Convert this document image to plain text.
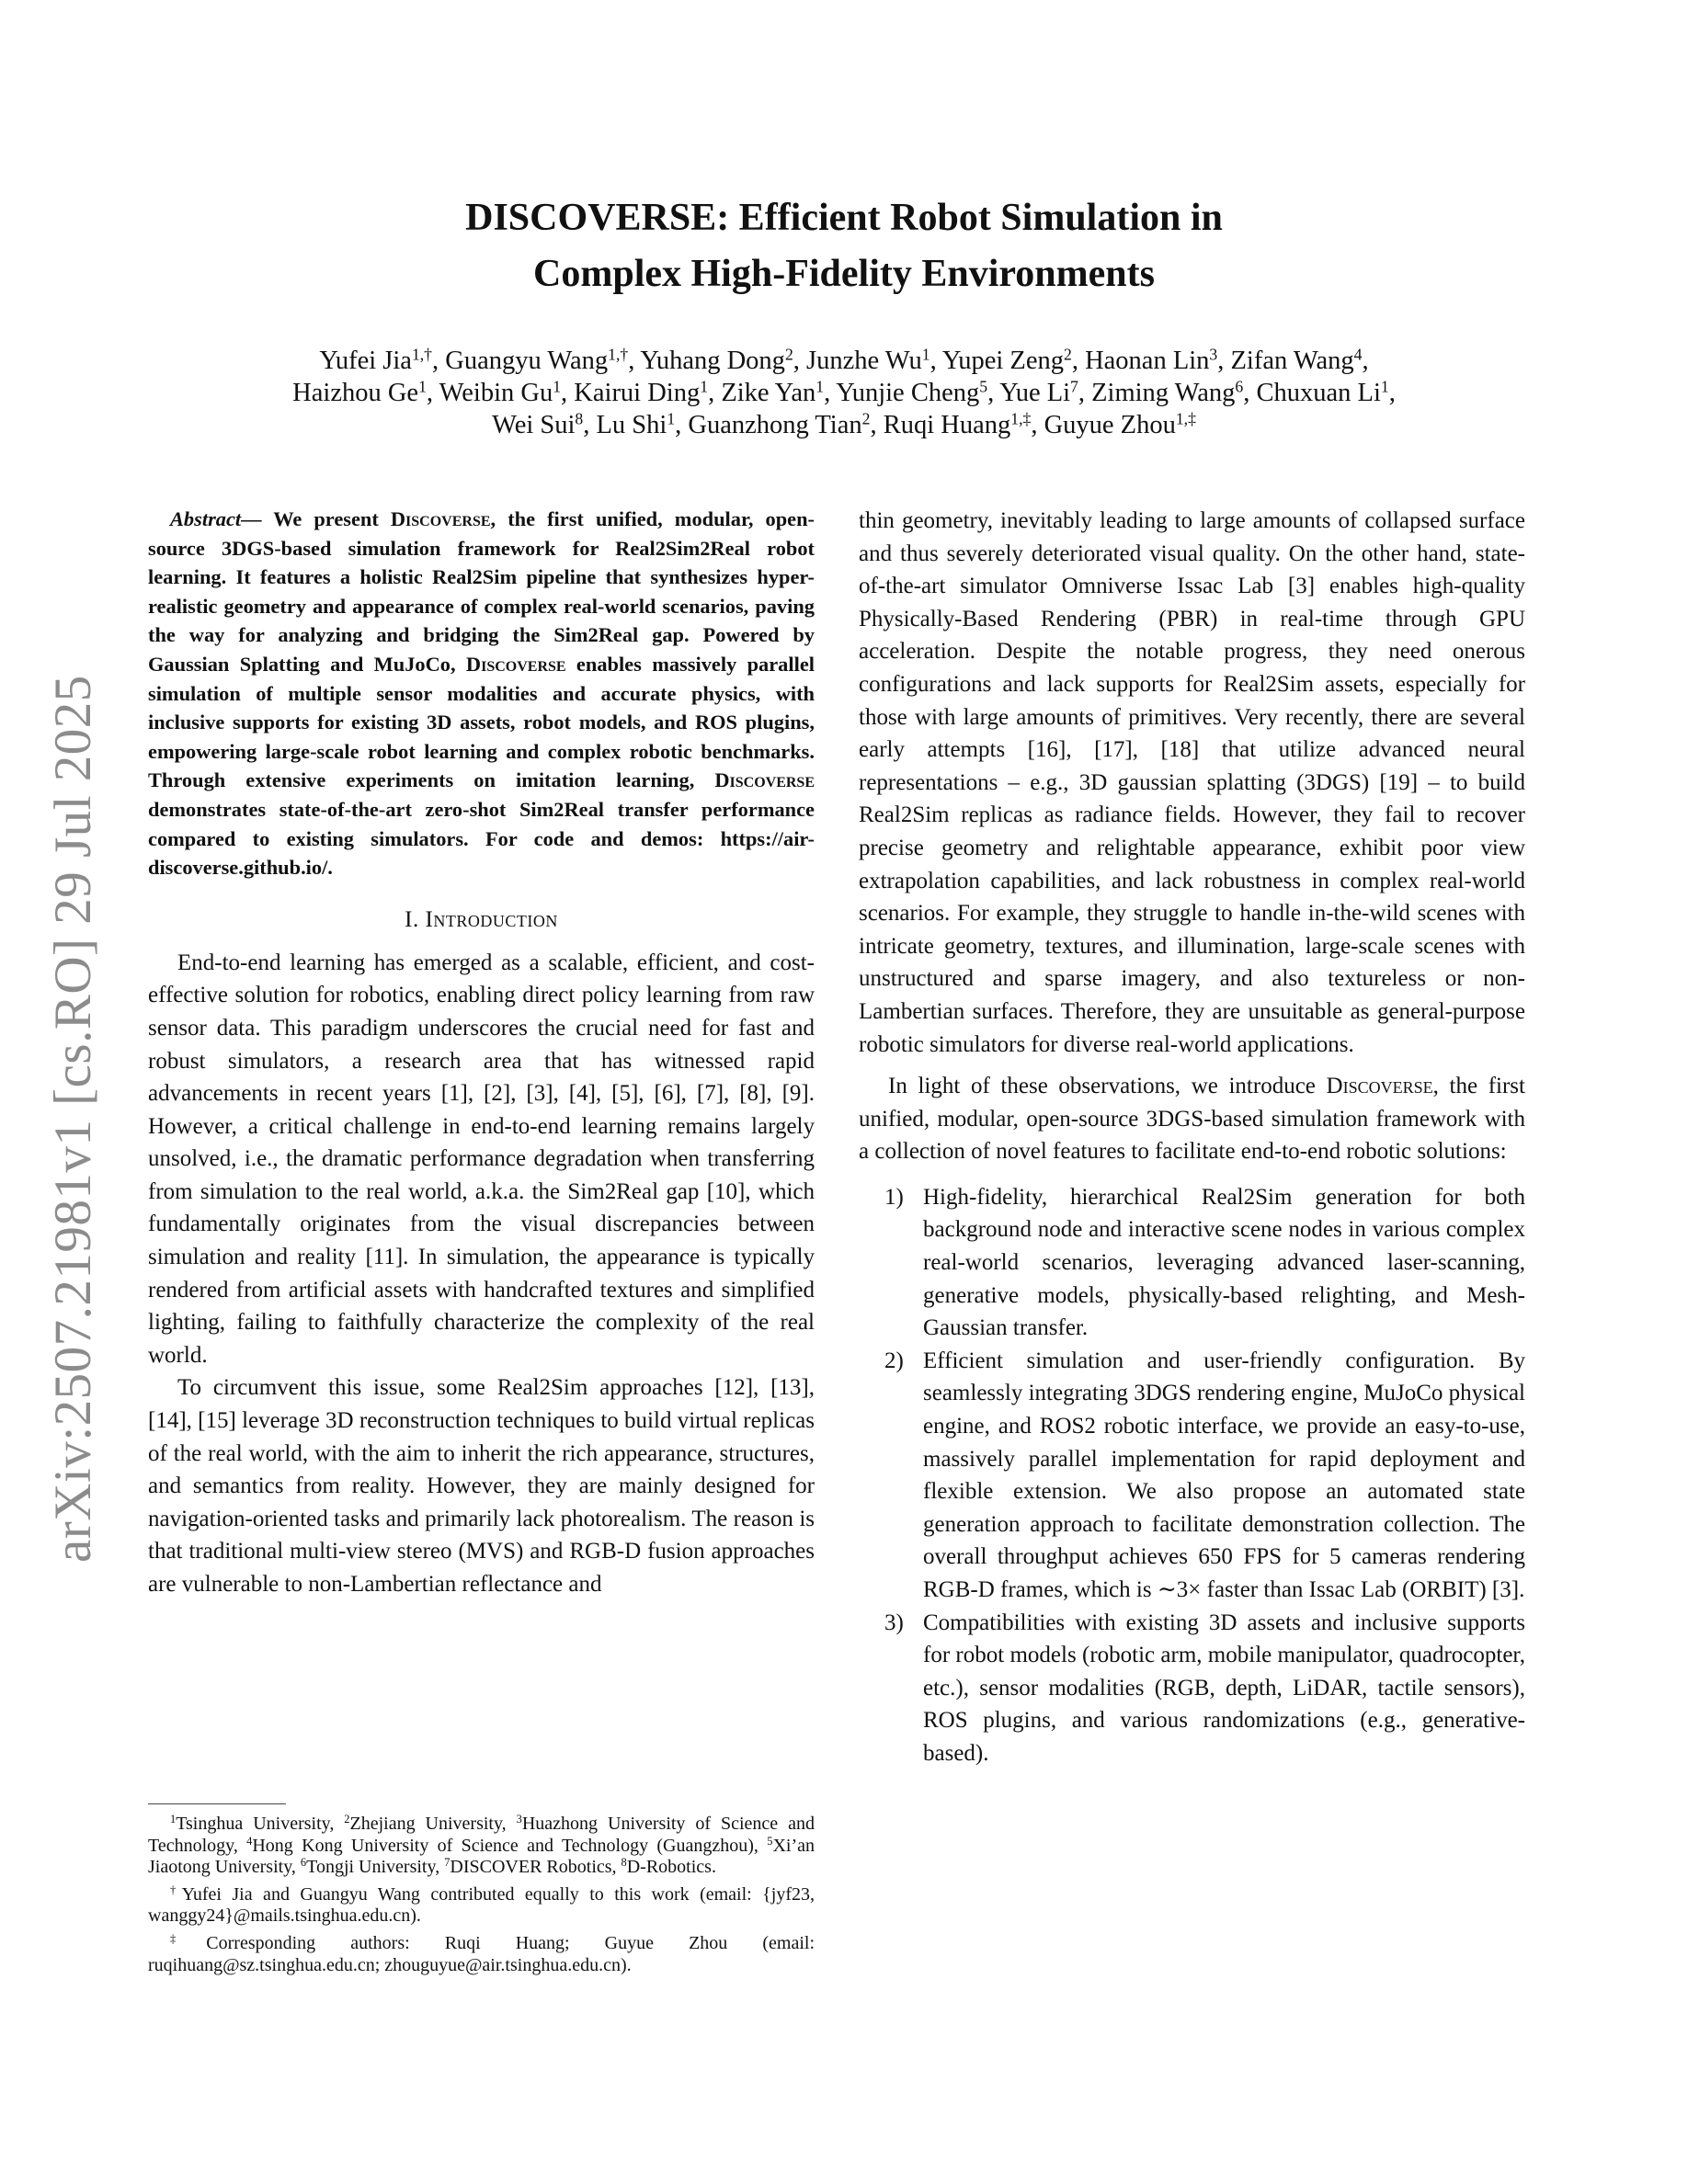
arXiv:2507.21981v1 [cs.RO] 29 Jul 2025
DISCOVERSE: Efficient Robot Simulation in
Complex High-Fidelity Environments
Yufei Jia$^{1,\dagger}$, Guangyu Wang$^{1,\dagger}$, Yuhang Dong$^2$, Junzhe Wu$^1$, Yupei Zeng$^2$, Haonan Lin$^3$, Zifan Wang$^4$,
Haizhou Ge$^1$, Weibin Gu$^1$, Kairui Ding$^1$, Zike Yan$^1$, Yunjie Cheng$^5$, Yue Li$^7$, Ziming Wang$^6$, Chuxuan Li$^1$,
Wei Sui$^8$, Lu Shi$^1$, Guanzhong Tian$^2$, Ruqi Huang$^{1,\ddagger}$, Guyue Zhou$^{1,\ddagger}$

Abstract— We present Discoverse, the first unified, modular, open-source 3DGS-based simulation framework for Real2Sim2Real robot learning. It features a holistic Real2Sim pipeline that synthesizes hyper-realistic geometry and appearance of complex real-world scenarios, paving the way for analyzing and bridging the Sim2Real gap. Powered by Gaussian Splatting and MuJoCo, Discoverse enables massively parallel simulation of multiple sensor modalities and accurate physics, with inclusive supports for existing 3D assets, robot models, and ROS plugins, empowering large-scale robot learning and complex robotic benchmarks. Through extensive experiments on imitation learning, Discoverse demonstrates state-of-the-art zero-shot Sim2Real transfer performance compared to existing simulators. For code and demos: https://air-discoverse.github.io/.

I. Introduction

End-to-end learning has emerged as a scalable, efficient, and cost-effective solution for robotics, enabling direct policy learning from raw sensor data. This paradigm underscores the crucial need for fast and robust simulators, a research area that has witnessed rapid advancements in recent years [1], [2], [3], [4], [5], [6], [7], [8], [9]. However, a critical challenge in end-to-end learning remains largely unsolved, i.e., the dramatic performance degradation when transferring from simulation to the real world, a.k.a. the Sim2Real gap [10], which fundamentally originates from the visual discrepancies between simulation and reality [11]. In simulation, the appearance is typically rendered from artificial assets with handcrafted textures and simplified lighting, failing to faithfully characterize the complexity of the real world.

To circumvent this issue, some Real2Sim approaches [12], [13], [14], [15] leverage 3D reconstruction techniques to build virtual replicas of the real world, with the aim to inherit the rich appearance, structures, and semantics from reality. However, they are mainly designed for navigation-oriented tasks and primarily lack photorealism. The reason is that traditional multi-view stereo (MVS) and RGB-D fusion approaches are vulnerable to non-Lambertian reflectance and

$^1$Tsinghua University, $^2$Zhejiang University, $^3$Huazhong University of Science and Technology, $^4$Hong Kong University of Science and Technology (Guangzhou), $^5$Xi’an Jiaotong University, $^6$Tongji University, $^7$DISCOVER Robotics, $^8$D-Robotics.

†Yufei Jia and Guangyu Wang contributed equally to this work (email: {jyf23, wanggy24}@mails.tsinghua.edu.cn).

‡Corresponding authors: Ruqi Huang; Guyue Zhou (email: ruqihuang@sz.tsinghua.edu.cn; zhouguyue@air.tsinghua.edu.cn).

thin geometry, inevitably leading to large amounts of collapsed surface and thus severely deteriorated visual quality. On the other hand, state-of-the-art simulator Omniverse Issac Lab [3] enables high-quality Physically-Based Rendering (PBR) in real-time through GPU acceleration. Despite the notable progress, they need onerous configurations and lack supports for Real2Sim assets, especially for those with large amounts of primitives. Very recently, there are several early attempts [16], [17], [18] that utilize advanced neural representations – e.g., 3D gaussian splatting (3DGS) [19] – to build Real2Sim replicas as radiance fields. However, they fail to recover precise geometry and relightable appearance, exhibit poor view extrapolation capabilities, and lack robustness in complex real-world scenarios. For example, they struggle to handle in-the-wild scenes with intricate geometry, textures, and illumination, large-scale scenes with unstructured and sparse imagery, and also textureless or non-Lambertian surfaces. Therefore, they are unsuitable as general-purpose robotic simulators for diverse real-world applications.

In light of these observations, we introduce Discoverse, the first unified, modular, open-source 3DGS-based simulation framework with a collection of novel features to facilitate end-to-end robotic solutions:

1) High-fidelity, hierarchical Real2Sim generation for both background node and interactive scene nodes in various complex real-world scenarios, leveraging advanced laser-scanning, generative models, physically-based relighting, and Mesh-Gaussian transfer.
2) Efficient simulation and user-friendly configuration. By seamlessly integrating 3DGS rendering engine, MuJoCo physical engine, and ROS2 robotic interface, we provide an easy-to-use, massively parallel implementation for rapid deployment and flexible extension. We also propose an automated state generation approach to facilitate demonstration collection. The overall throughput achieves 650 FPS for 5 cameras rendering RGB-D frames, which is ∼3× faster than Issac Lab (ORBIT) [3].
3) Compatibilities with existing 3D assets and inclusive supports for robot models (robotic arm, mobile manipulator, quadrocopter, etc.), sensor modalities (RGB, depth, LiDAR, tactile sensors), ROS plugins, and various randomizations (e.g., generative-based).
